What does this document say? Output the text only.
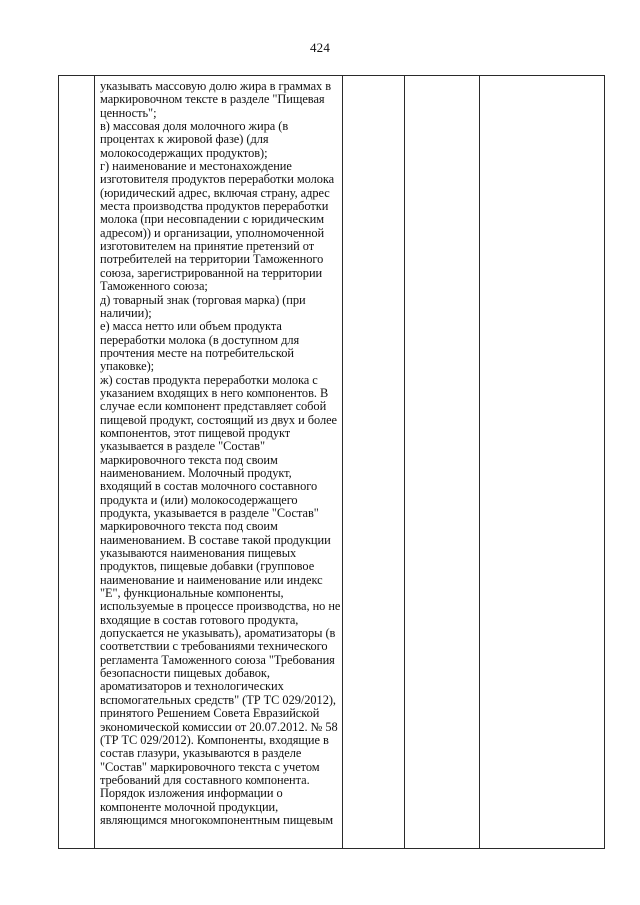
424
указывать массовую долю жира в граммах в
маркировочном тексте в разделе "Пищевая
ценность";
в) массовая доля молочного жира (в
процентах к жировой фазе) (для
молокосодержащих продуктов);
г) наименование и местонахождение
изготовителя продуктов переработки молока
(юридический адрес, включая страну, адрес
места производства продуктов переработки
молока (при несовпадении с юридическим
адресом)) и организации, уполномоченной
изготовителем на принятие претензий от
потребителей на территории Таможенного
союза, зарегистрированной на территории
Таможенного союза;
д) товарный знак (торговая марка) (при
наличии);
е) масса нетто или объем продукта
переработки молока (в доступном для
прочтения месте на потребительской
упаковке);
ж) состав продукта переработки молока с
указанием входящих в него компонентов. В
случае если компонент представляет собой
пищевой продукт, состоящий из двух и более
компонентов, этот пищевой продукт
указывается в разделе "Состав"
маркировочного текста под своим
наименованием. Молочный продукт,
входящий в состав молочного составного
продукта и (или) молокосодержащего
продукта, указывается в разделе "Состав"
маркировочного текста под своим
наименованием. В составе такой продукции
указываются наименования пищевых
продуктов, пищевые добавки (групповое
наименование и наименование или индекс
"Е", функциональные компоненты,
используемые в процессе производства, но не
входящие в состав готового продукта,
допускается не указывать), ароматизаторы (в
соответствии с требованиями технического
регламента Таможенного союза "Требования
безопасности пищевых добавок,
ароматизаторов и технологических
вспомогательных средств" (ТР ТС 029/2012),
принятого Решением Совета Евразийской
экономической комиссии от 20.07.2012. № 58
(ТР ТС 029/2012). Компоненты, входящие в
состав глазури, указываются в разделе
"Состав" маркировочного текста с учетом
требований для составного компонента.
Порядок изложения информации о
компоненте молочной продукции,
являющимся многокомпонентным пищевым
